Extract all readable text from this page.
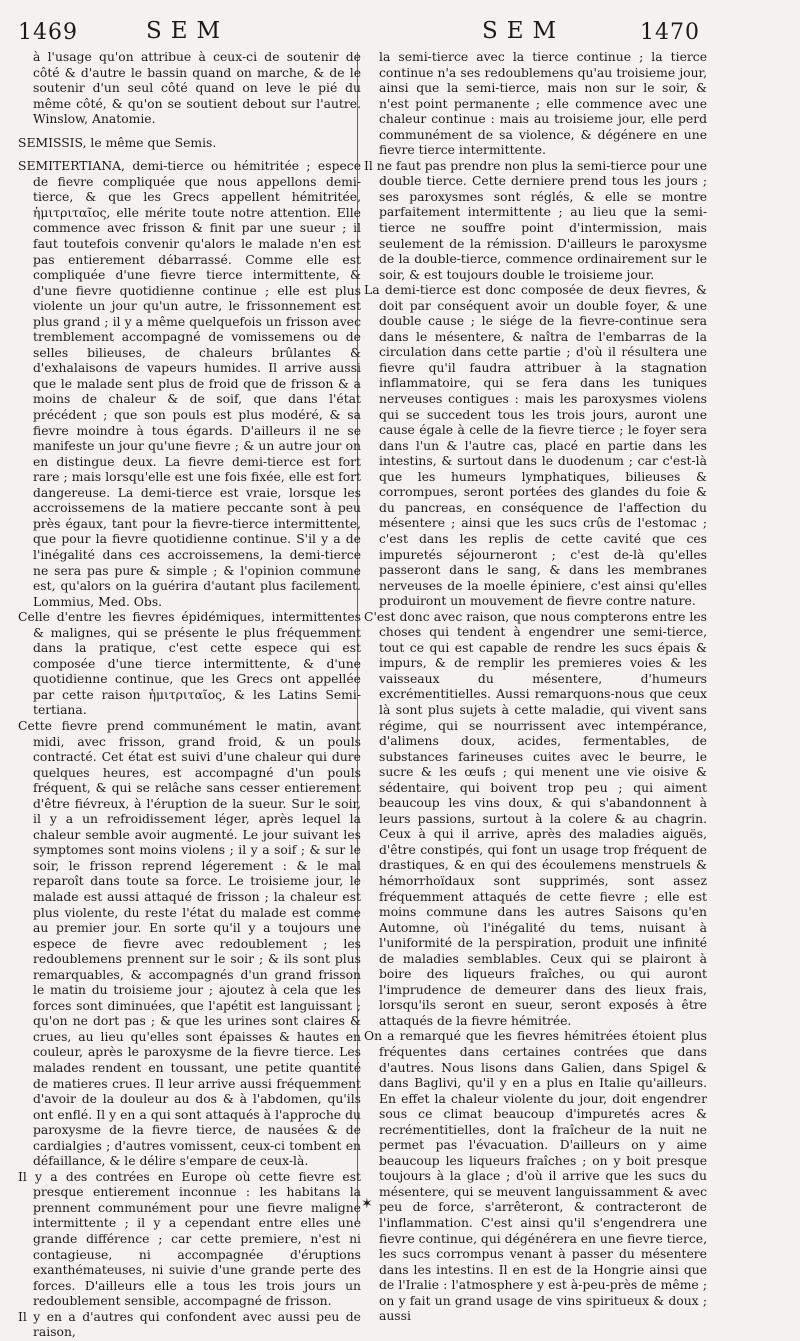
1469	SEM	SEM	1470

à l'usage qu'on attribue à ceux-ci de soutenir de côté & d'autre le bassin quand on marche, & de le soutenir d'un seul côté quand on leve le pié du même côté, & qu'on se soutient debout sur l'autre. Winslow, Anatomie.

SEMISSIS, le même que Semis.

SEMITERTIANA, demi-tierce ou hémitritée ; espece de fievre compliquée que nous appellons demi-tierce, & que les Grecs appellent hémitritée, ἡμιτριταῖος, elle mérite toute notre attention. Elle commence avec frisson & finit par une sueur ; il faut toutefois convenir qu'alors le malade n'en est pas entierement débarrassé. Comme elle est compliquée d'une fievre tierce intermittente, & d'une fievre quotidienne continue ; elle est plus violente un jour qu'un autre, le frissonnement est plus grand ; il y a même quelquefois un frisson avec tremblement accompagné de vomissemens ou de selles bilieuses, de chaleurs brûlantes & d'exhalaisons de vapeurs humides. Il arrive aussi que le malade sent plus de froid que de frisson & a moins de chaleur & de soif, que dans l'état précédent ; que son pouls est plus modéré, & sa fievre moindre à tous égards. D'ailleurs il ne se manifeste un jour qu'une fievre ; & un autre jour on en distingue deux. La fievre demi-tierce est fort rare ; mais lorsqu'elle est une fois fixée, elle est fort dangereuse. La demi-tierce est vraie, lorsque les accroissemens de la matiere peccante sont à peu près égaux, tant pour la fievre-tierce intermittente, que pour la fievre quotidienne continue. S'il y a de l'inégalité dans ces accroissemens, la demi-tierce ne sera pas pure & simple ; & l'opinion commune est, qu'alors on la guérira d'autant plus facilement. Lommius, Med. Obs.

Celle d'entre les fievres épidémiques, intermittentes & malignes, qui se présente le plus fréquemment dans la pratique, c'est cette espece qui est composée d'une tierce intermittente, & d'une quotidienne continue, que les Grecs ont appellée par cette raison ἡμιτριταῖος, & les Latins Semi-tertiana.

Cette fievre prend communément le matin, avant midi, avec frisson, grand froid, & un pouls contracté. Cet état est suivi d'une chaleur qui dure quelques heures, est accompagné d'un pouls fréquent, & qui se relâche sans cesser entierement d'être fiévreux, à l'éruption de la sueur. Sur le soir, il y a un refroidissement léger, après lequel la chaleur semble avoir augmenté. Le jour suivant les symptomes sont moins violens ; il y a soif ; & sur le soir, le frisson reprend légerement : & le mal reparoît dans toute sa force. Le troisieme jour, le malade est aussi attaqué de frisson ; la chaleur est plus violente, du reste l'état du malade est comme au premier jour. En sorte qu'il y a toujours une espece de fievre avec redoublement ; les redoublemens prennent sur le soir ; & ils sont plus remarquables, & accompagnés d'un grand frisson le matin du troisieme jour ; ajoutez à cela que les forces sont diminuées, que l'apétit est languissant ; qu'on ne dort pas ; & que les urines sont claires & crues, au lieu qu'elles sont épaisses & hautes en couleur, après le paroxysme de la fievre tierce. Les malades rendent en toussant, une petite quantité de matieres crues. Il leur arrive aussi fréquemment d'avoir de la douleur au dos & à l'abdomen, qu'ils ont enflé. Il y en a qui sont attaqués à l'approche du paroxysme de la fievre tierce, de nausées & de cardialgies ; d'autres vomissent, ceux-ci tombent en défaillance, & le délire s'empare de ceux-là.

Il y a des contrées en Europe où cette fievre est presque entierement inconnue : les habitans la prennent communément pour une fievre maligne intermittente ; il y a cependant entre elles une grande différence ; car cette premiere, n'est ni contagieuse, ni accompagnée d'éruptions exanthémateuses, ni suivie d'une grande perte des forces. D'ailleurs elle a tous les trois jours un redoublement sensible, accompagné de frisson.

Il y en a d'autres qui confondent avec aussi peu de raison,

la semi-tierce avec la tierce continue ; la tierce continue n'a ses redoublemens qu'au troisieme jour, ainsi que la semi-tierce, mais non sur le soir, & n'est point permanente ; elle commence avec une chaleur continue : mais au troisieme jour, elle perd communément de sa violence, & dégénere en une fievre tierce intermittente.

Il ne faut pas prendre non plus la semi-tierce pour une double tierce. Cette derniere prend tous les jours ; ses paroxysmes sont réglés, & elle se montre parfaitement intermittente ; au lieu que la semi-tierce ne souffre point d'intermission, mais seulement de la rémission. D'ailleurs le paroxysme de la double-tierce, commence ordinairement sur le soir, & est toujours double le troisieme jour.

La demi-tierce est donc composée de deux fievres, & doit par conséquent avoir un double foyer, & une double cause ; le siége de la fievre-continue sera dans le mésentere, & naîtra de l'embarras de la circulation dans cette partie ; d'où il résultera une fievre qu'il faudra attribuer à la stagnation inflammatoire, qui se fera dans les tuniques nerveuses contigues : mais les paroxysmes violens qui se succedent tous les trois jours, auront une cause égale à celle de la fievre tierce ; le foyer sera dans l'un & l'autre cas, placé en partie dans les intestins, & surtout dans le duodenum ; car c'est-là que les humeurs lymphatiques, bilieuses & corrompues, seront portées des glandes du foie & du pancreas, en conséquence de l'affection du mésentere ; ainsi que les sucs crûs de l'estomac ; c'est dans les replis de cette cavité que ces impuretés séjourneront ; c'est de-là qu'elles passeront dans le sang, & dans les membranes nerveuses de la moelle épiniere, c'est ainsi qu'elles produiront un mouvement de fievre contre nature.

C'est donc avec raison, que nous compterons entre les choses qui tendent à engendrer une semi-tierce, tout ce qui est capable de rendre les sucs épais & impurs, & de remplir les premieres voies & les vaisseaux du mésentere, d'humeurs excrémentitielles. Aussi remarquons-nous que ceux là sont plus sujets à cette maladie, qui vivent sans régime, qui se nourrissent avec intempérance, d'alimens doux, acides, fermentables, de substances farineuses cuites avec le beurre, le sucre & les œufs ; qui menent une vie oisive & sédentaire, qui boivent trop peu ; qui aiment beaucoup les vins doux, & qui s'abandonnent à leurs passions, surtout à la colere & au chagrin. Ceux à qui il arrive, après des maladies aiguës, d'être constipés, qui font un usage trop fréquent de drastiques, & en qui des écoulemens menstruels & hémorrhoïdaux sont supprimés, sont assez fréquemment attaqués de cette fievre ; elle est moins commune dans les autres Saisons qu'en Automne, où l'inégalité du tems, nuisant à l'uniformité de la perspiration, produit une infinité de maladies semblables. Ceux qui se plairont à boire des liqueurs fraîches, ou qui auront l'imprudence de demeurer dans des lieux frais, lorsqu'ils seront en sueur, seront exposés à être attaqués de la fievre hémitrée.

On a remarqué que les fievres hémitrées étoient plus fréquentes dans certaines contrées que dans d'autres. Nous lisons dans Galien, dans Spigel & dans Baglivi, qu'il y en a plus en Italie qu'ailleurs. En effet la chaleur violente du jour, doit engendrer sous ce climat beaucoup d'impuretés acres & recrémentitielles, dont la fraîcheur de la nuit ne permet pas l'évacuation. D'ailleurs on y aime beaucoup les liqueurs fraîches ; on y boit presque toujours à la glace ; d'où il arrive que les sucs du mésentere, qui se meuvent languissamment & avec peu de force, s'arrêteront, & contracteront de l'inflammation. C'est ainsi qu'il s'engendrera une fievre continue, qui dégénérera en une fievre tierce, les sucs corrompus venant à passer du mésentere dans les intestins. Il en est de la Hongrie ainsi que de l'Iralie : l'atmosphere y est à-peu-près de même ; on y fait un grand usage de vins spiritueux & doux ; aussi

✶
